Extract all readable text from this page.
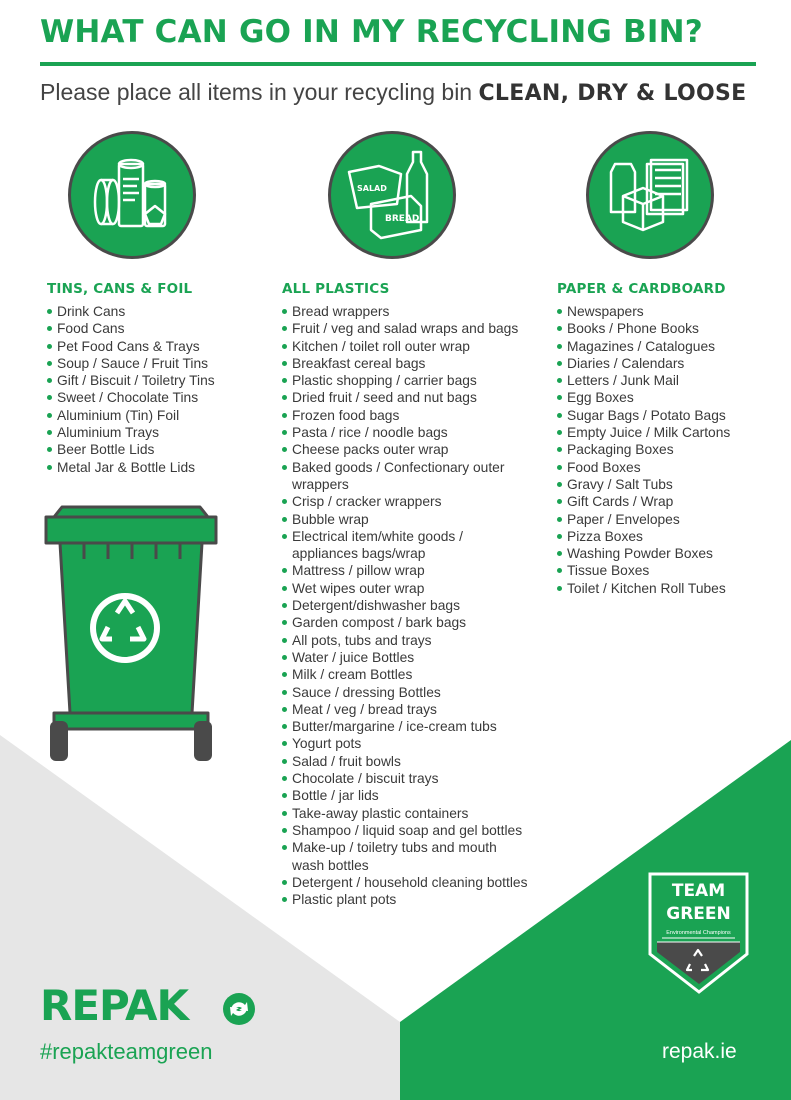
WHAT CAN GO IN MY RECYCLING BIN?
Please place all items in your recycling bin CLEAN, DRY & LOOSE
SALAD
BREAD
TINS, CANS & FOIL
Drink Cans
Food Cans
Pet Food Cans & Trays
Soup / Sauce / Fruit Tins
Gift / Biscuit / Toiletry Tins
Sweet / Chocolate Tins
Aluminium (Tin) Foil
Aluminium Trays
Beer Bottle Lids
Metal Jar & Bottle Lids
ALL PLASTICS
Bread wrappers
Fruit / veg and salad wraps and bags
Kitchen / toilet roll outer wrap
Breakfast cereal bags
Plastic shopping / carrier bags
Dried fruit / seed and nut bags
Frozen food bags
Pasta / rice / noodle bags
Cheese packs outer wrap
Baked goods / Confectionary outer wrappers
Crisp / cracker wrappers
Bubble wrap
Electrical item/white goods / appliances bags/wrap
Mattress / pillow wrap
Wet wipes outer wrap
Detergent/dishwasher bags
Garden compost / bark bags
All pots, tubs and trays
Water / juice Bottles
Milk / cream Bottles
Sauce / dressing Bottles
Meat / veg / bread trays
Butter/margarine / ice-cream tubs
Yogurt pots
Salad / fruit bowls
Chocolate / biscuit trays
Bottle / jar lids
Take-away plastic containers
Shampoo / liquid soap and gel bottles
Make-up / toiletry tubs and mouth wash bottles
Detergent / household cleaning bottles
Plastic plant pots
PAPER & CARDBOARD
Newspapers
Books / Phone Books
Magazines / Catalogues
Diaries / Calendars
Letters / Junk Mail
Egg Boxes
Sugar Bags / Potato Bags
Empty Juice / Milk Cartons
Packaging Boxes
Food Boxes
Gravy / Salt Tubs
Gift Cards / Wrap
Paper / Envelopes
Pizza Boxes
Washing Powder Boxes
Tissue Boxes
Toilet / Kitchen Roll Tubes
REPAK
#repakteamgreen	repak.ie
TEAM
GREEN
Environmental Champions
